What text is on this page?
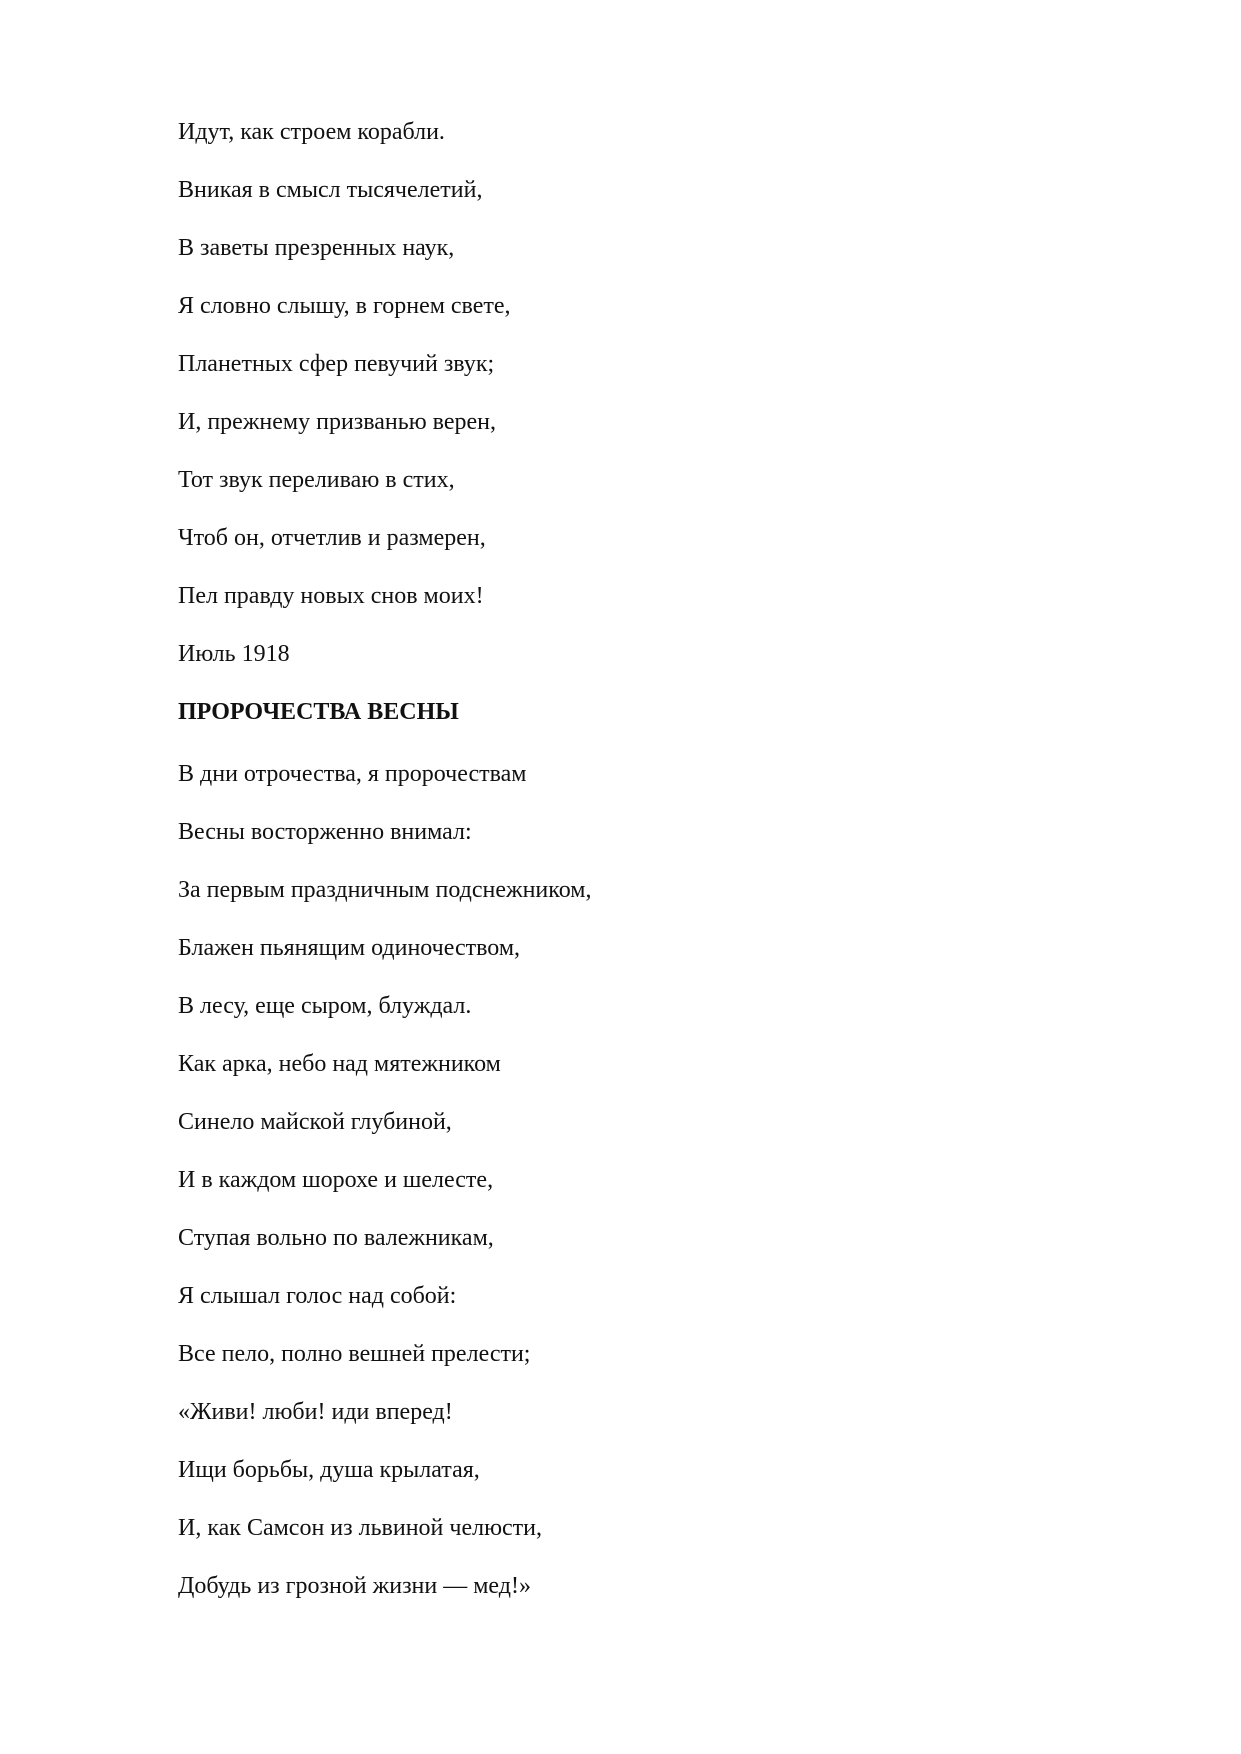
Идут, как строем корабли.
Вникая в смысл тысячелетий,
В заветы презренных наук,
Я словно слышу, в горнем свете,
Планетных сфер певучий звук;
И, прежнему призванью верен,
Тот звук переливаю в стих,
Чтоб он, отчетлив и размерен,
Пел правду новых снов моих!
Июль 1918
ПРОРОЧЕСТВА ВЕСНЫ
В дни отрочества, я пророчествам
Весны восторженно внимал:
За первым праздничным подснежником,
Блажен пьянящим одиночеством,
В лесу, еще сыром, блуждал.
Как арка, небо над мятежником
Синело майской глубиной,
И в каждом шорохе и шелесте,
Ступая вольно по валежникам,
Я слышал голос над собой:
Все пело, полно вешней прелести;
«Живи! люби! иди вперед!
Ищи борьбы, душа крылатая,
И, как Самсон из львиной челюсти,
Добудь из грозной жизни — мед!»
